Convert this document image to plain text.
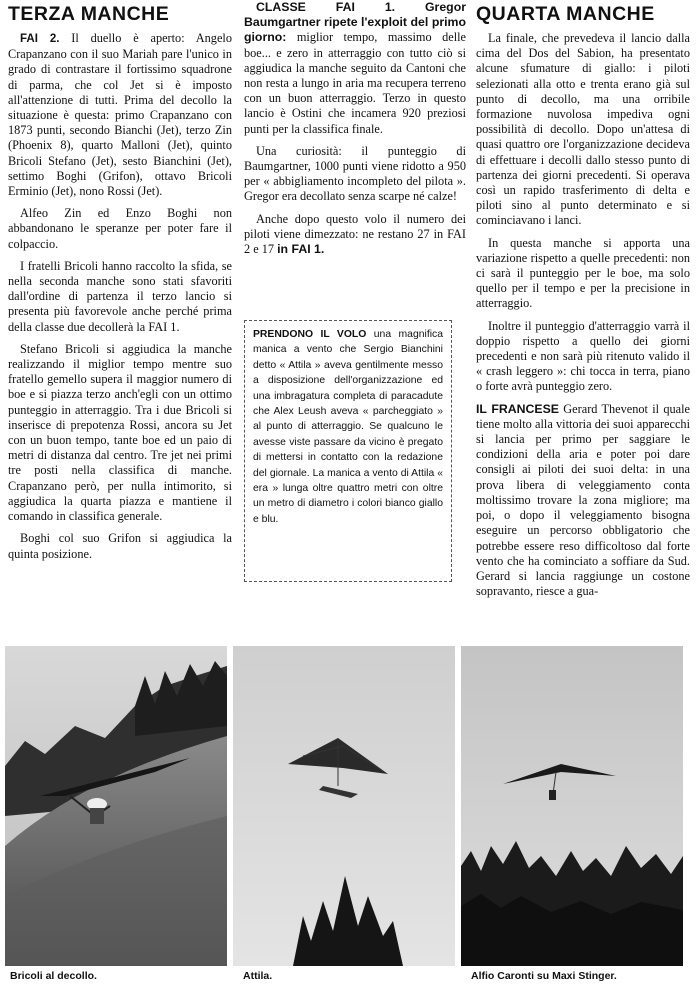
TERZA MANCHE

FAI 2. Il duello è aperto: Angelo Crapanzano con il suo Mariah pare l'unico in grado di contrastare il fortissimo squadrone di parma, che col Jet si è imposto all'attenzione di tutti. Prima del decollo la situazione è questa: primo Crapanzano con 1873 punti, secondo Bianchi (Jet), terzo Zin (Phoenix 8), quarto Malloni (Jet), quinto Bricoli Stefano (Jet), sesto Bianchini (Jet), settimo Boghi (Grifon), ottavo Bricoli Erminio (Jet), nono Rossi (Jet).

Alfeo Zin ed Enzo Boghi non abbandonano le speranze per poter fare il colpaccio.

I fratelli Bricoli hanno raccolto la sfida, se nella seconda manche sono stati sfavoriti dall'ordine di partenza il terzo lancio si presenta più favorevole anche perché prima della classe due decollerà la FAI 1.

Stefano Bricoli si aggiudica la manche realizzando il miglior tempo mentre suo fratello gemello supera il maggior numero di boe e si piazza terzo anch'egli con un ottimo punteggio in atterraggio. Tra i due Bricoli si inserisce di prepotenza Rossi, ancora su Jet con un buon tempo, tante boe ed un paio di metri di distanza dal centro. Tre jet nei primi tre posti nella classifica di manche. Crapanzano però, per nulla intimorito, si aggiudica la quarta piazza e mantiene il comando in classifica generale.

Boghi col suo Grifon si aggiudica la quinta posizione.

CLASSE FAI 1. Gregor Baumgartner ripete l'exploit del primo giorno: miglior tempo, massimo delle boe... e zero in atterraggio con tutto ciò si aggiudica la manche seguito da Cantoni che non resta a lungo in aria ma recupera terreno con un buon atterraggio. Terzo in questo lancio è Ostini che incamera 920 preziosi punti per la classifica finale.

Una curiosità: il punteggio di Baumgartner, 1000 punti viene ridotto a 950 per « abbigliamento incompleto del pilota ». Gregor era decollato senza scarpe né calze!

Anche dopo questo volo il numero dei piloti viene dimezzato: ne restano 27 in FAI 2 e 17 in FAI 1.

PRENDONO IL VOLO una magnifica manica a vento che Sergio Bianchini detto « Attila » aveva gentilmente messo a disposizione dell'organizzazione ed una imbragatura completa di paracadute che Alex Leush aveva « parcheggiato » al punto di atterraggio. Se qualcuno le avesse viste passare da vicino è pregato di mettersi in contatto con la redazione del giornale. La manica a vento di Attila « era » lunga oltre quattro metri con oltre un metro di diametro i colori bianco giallo e blu.
QUARTA MANCHE

La finale, che prevedeva il lancio dalla cima del Dos del Sabion, ha presentato alcune sfumature di giallo: i piloti selezionati alla otto e trenta erano già sul punto di decollo, ma una orribile formazione nuvolosa impediva ogni possibilità di decollo. Dopo un'attesa di quasi quattro ore l'organizzazione decideva di effettuare i decolli dallo stesso punto di partenza dei giorni precedenti. Si operava così un rapido trasferimento di delta e piloti sino al punto determinato e si cominciavano i lanci.

In questa manche si apporta una variazione rispetto a quelle precedenti: non ci sarà il punteggio per le boe, ma solo quello per il tempo e per la precisione in atterraggio.

Inoltre il punteggio d'atterraggio varrà il doppio rispetto a quello dei giorni precedenti e non sarà più ritenuto valido il « crash leggero »: chi tocca in terra, piano o forte avrà punteggio zero.

IL FRANCESE Gerard Thevenot il quale tiene molto alla vittoria dei suoi apparecchi si lancia per primo per saggiare le condizioni della aria e poter poi dare consigli ai piloti dei suoi delta: in una prova libera di veleggiamento conta moltissimo trovare la zona migliore; ma poi, o dopo il veleggiamento bisogna eseguire un percorso obbligatorio che potrebbe essere reso difficoltoso dal forte vento che ha cominciato a soffiare da Sud. Gerard si lancia raggiunge un costone sopravanto, riesce a gua-

Bricoli al decollo.	Attila.	Alfio Caronti su Maxi Stinger.
